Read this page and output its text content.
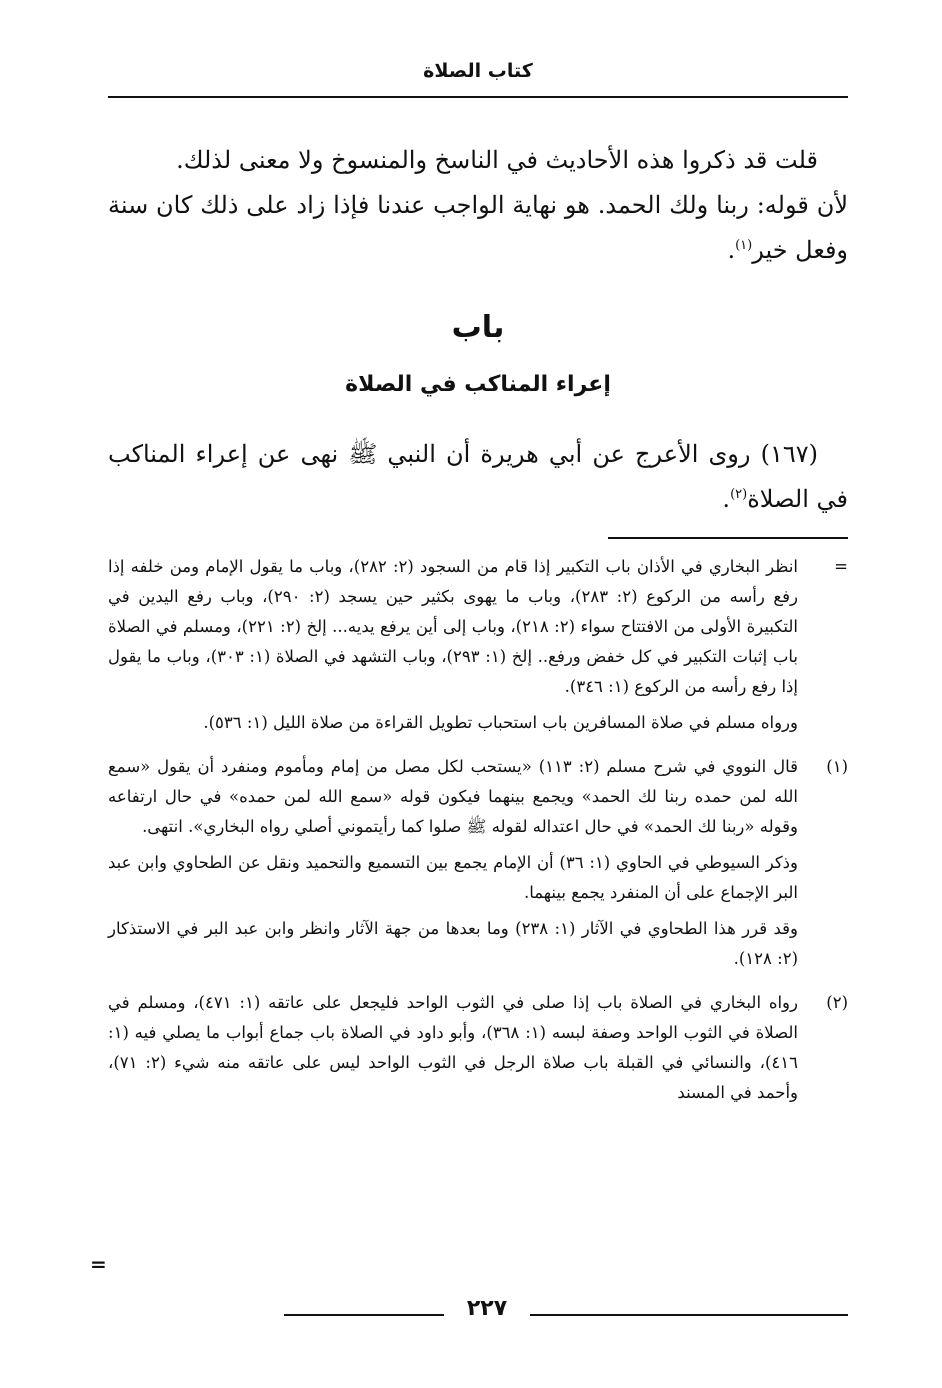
كتاب الصلاة

قلت قد ذكروا هذه الأحاديث في الناسخ والمنسوخ ولا معنى لذلك.

لأن قوله: ربنا ولك الحمد. هو نهاية الواجب عندنا فإذا زاد على ذلك كان سنة وفعل خير$^{(١)}$.

باب
إعراء المناكب في الصلاة

(١٦٧) روى الأعرج عن أبي هريرة أن النبي ﷺ نهى عن إعراء المناكب في الصلاة$^{(٢)}$.

=

انظر البخاري في الأذان باب التكبير إذا قام من السجود (٢: ٢٨٢)، وباب ما يقول الإمام ومن خلفه إذا رفع رأسه من الركوع (٢: ٢٨٣)، وباب ما يهوى بكثير حين يسجد (٢: ٢٩٠)، وباب رفع اليدين في التكبيرة الأولى من الافتتاح سواء (٢: ٢١٨)، وباب إلى أين يرفع يديه... إلخ (٢: ٢٢١)، ومسلم في الصلاة باب إثبات التكبير في كل خفض ورفع.. إلخ (١: ٢٩٣)، وباب التشهد في الصلاة (١: ٣٠٣)، وباب ما يقول إذا رفع رأسه من الركوع (١: ٣٤٦).

ورواه مسلم في صلاة المسافرين باب استحباب تطويل القراءة من صلاة الليل (١: ٥٣٦).

(١)

قال النووي في شرح مسلم (٢: ١١٣) «يستحب لكل مصل من إمام ومأموم ومنفرد أن يقول «سمع الله لمن حمده ربنا لك الحمد» ويجمع بينهما فيكون قوله «سمع الله لمن حمده» في حال ارتفاعه وقوله «ربنا لك الحمد» في حال اعتداله لقوله ﷺ صلوا كما رأيتموني أصلي رواه البخاري». انتهى.

وذكر السيوطي في الحاوي (١: ٣٦) أن الإمام يجمع بين التسميع والتحميد ونقل عن الطحاوي وابن عبد البر الإجماع على أن المنفرد يجمع بينهما.

وقد قرر هذا الطحاوي في الآثار (١: ٢٣٨) وما بعدها من جهة الآثار وانظر وابن عبد البر في الاستذكار (٢: ١٢٨).

(٢)

رواه البخاري في الصلاة باب إذا صلى في الثوب الواحد فليجعل على عاتقه (١: ٤٧١)، ومسلم في الصلاة في الثوب الواحد وصفة لبسه (١: ٣٦٨)، وأبو داود في الصلاة باب جماع أبواب ما يصلي فيه (١: ٤١٦)، والنسائي في القبلة باب صلاة الرجل في الثوب الواحد ليس على عاتقه منه شيء (٢: ٧١)، وأحمد في المسند

=
٢٢٧
